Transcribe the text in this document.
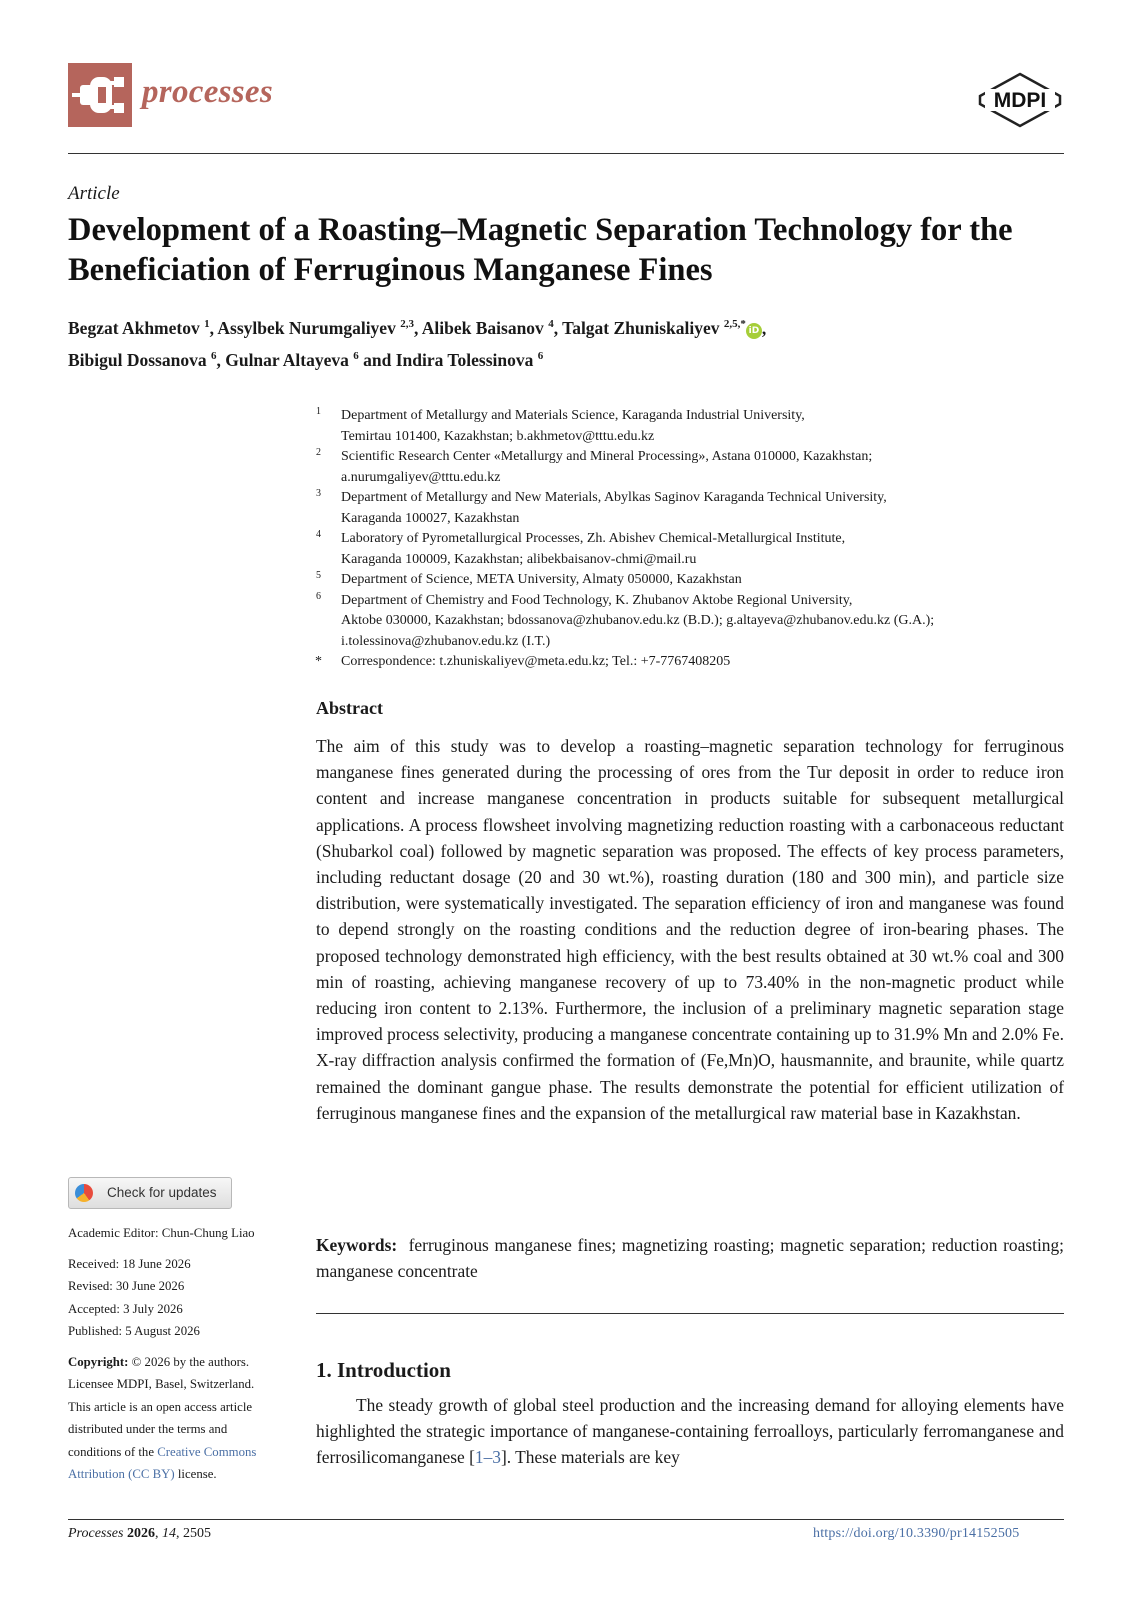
processes	MDPI
Article
Development of a Roasting–Magnetic Separation Technology for the Beneficiation of Ferruginous Manganese Fines
Begzat Akhmetov $^1$, Assylbek Nurumgaliyev $^{2,3}$, Alibek Baisanov $^4$, Talgat Zhuniskaliyev $^{2,5,*}$iD ,
Bibigul Dossanova $^6$, Gulnar Altayeva $^6$ and Indira Tolessinova $^6$
1 Department of Metallurgy and Materials Science, Karaganda Industrial University,
Temirtau 101400, Kazakhstan; b.akhmetov@tttu.edu.kz
2 Scientific Research Center «Metallurgy and Mineral Processing», Astana 010000, Kazakhstan;
a.nurumgaliyev@tttu.edu.kz
3 Department of Metallurgy and New Materials, Abylkas Saginov Karaganda Technical University,
Karaganda 100027, Kazakhstan
4 Laboratory of Pyrometallurgical Processes, Zh. Abishev Chemical-Metallurgical Institute,
Karaganda 100009, Kazakhstan; alibekbaisanov-chmi@mail.ru
5 Department of Science, META University, Almaty 050000, Kazakhstan
6 Department of Chemistry and Food Technology, K. Zhubanov Aktobe Regional University,
Aktobe 030000, Kazakhstan; bdossanova@zhubanov.edu.kz (B.D.); g.altayeva@zhubanov.edu.kz (G.A.);
i.tolessinova@zhubanov.edu.kz (I.T.)
* Correspondence: t.zhuniskaliyev@meta.edu.kz; Tel.: +7-7767408205
Abstract
The aim of this study was to develop a roasting–magnetic separation technology for ferruginous manganese fines generated during the processing of ores from the Tur deposit in order to reduce iron content and increase manganese concentration in products suitable for subsequent metallurgical applications. A process flowsheet involving magnetizing reduction roasting with a carbonaceous reductant (Shubarkol coal) followed by magnetic separation was proposed. The effects of key process parameters, including reductant dosage (20 and 30 wt.%), roasting duration (180 and 300 min), and particle size distribution, were systematically investigated. The separation efficiency of iron and manganese was found to depend strongly on the roasting conditions and the reduction degree of iron-bearing phases. The proposed technology demonstrated high efficiency, with the best results obtained at 30 wt.% coal and 300 min of roasting, achieving manganese recovery of up to 73.40% in the non-magnetic product while reducing iron content to 2.13%. Furthermore, the inclusion of a preliminary magnetic separation stage improved process selectivity, producing a manganese concentrate containing up to 31.9% Mn and 2.0% Fe. X-ray diffraction analysis confirmed the formation of (Fe,Mn)O, hausmannite, and braunite, while quartz remained the dominant gangue phase. The results demonstrate the potential for efficient utilization of ferruginous manganese fines and the expansion of the metallurgical raw material base in Kazakhstan.
Keywords: ferruginous manganese fines; magnetizing roasting; magnetic separation; reduction roasting; manganese concentrate
1. Introduction
The steady growth of global steel production and the increasing demand for alloying elements have highlighted the strategic importance of manganese-containing ferroalloys, particularly ferromanganese and ferrosilicomanganese [1–3]. These materials are key
Check for updates
Academic Editor: Chun-Chung Liao
Received: 18 June 2026
Revised: 30 June 2026
Accepted: 3 July 2026
Published: 5 August 2026
Copyright: © 2026 by the authors.
Licensee MDPI, Basel, Switzerland.
This article is an open access article
distributed under the terms and
conditions of the Creative Commons
Attribution (CC BY) license.
Processes 2026, 14, 2505	https://doi.org/10.3390/pr14152505
